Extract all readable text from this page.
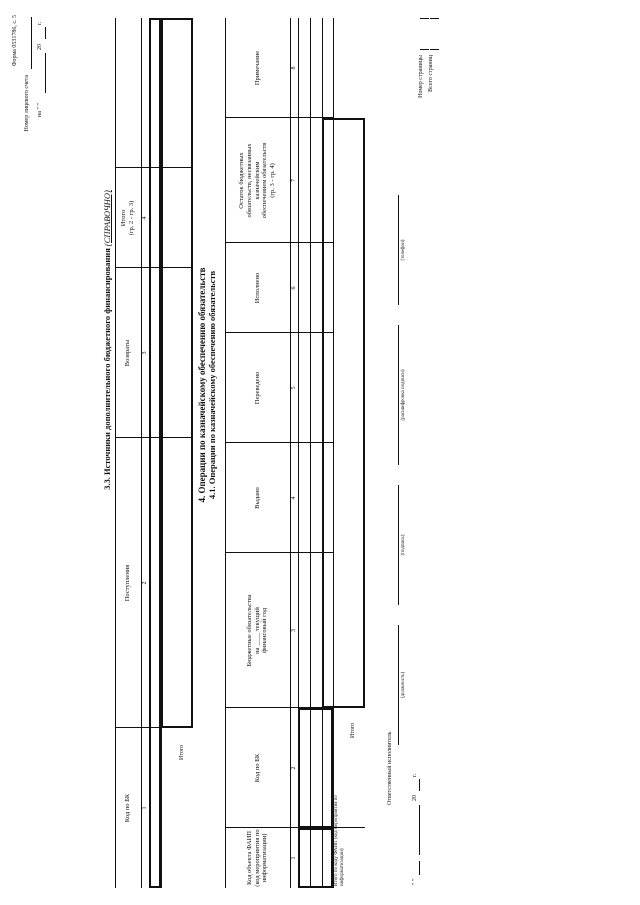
Форма 0531786, с. 5
Номер лицевого счета на " "
20
г.
3.3. Источники дополнительного бюджетного финансирования (СПРАВОЧНО)
Код по БК
Поступления
Возвраты
Итого
(гр. 2 - гр. 3)
1
2
3
4
Итого
4. Операции по казначейскому обеспечению обязательств 4.1. Операции по казначейскому обеспечению обязательств
Код объекта ФАИП
(код мероприятия по
информатизации)
Код по БК
Бюджетные обязательства
на ____ текущий
финансовый год
Выдано
Переведено
Исполнено
Остаток бюджетных
обязательств, несвязанных
казначейским
обеспечением обязательств
(гр. 3 - гр. 4)
Примечание
1
2
3
4
5
6
7
8
Итого по коду ФАИП (код мероприятия по информатизации)
Итого
Ответственный исполнитель
(должность)
(подпись)
(расшифровка подписи)
(телефон)
" "
20
г.
Номер страницы Всего страниц
